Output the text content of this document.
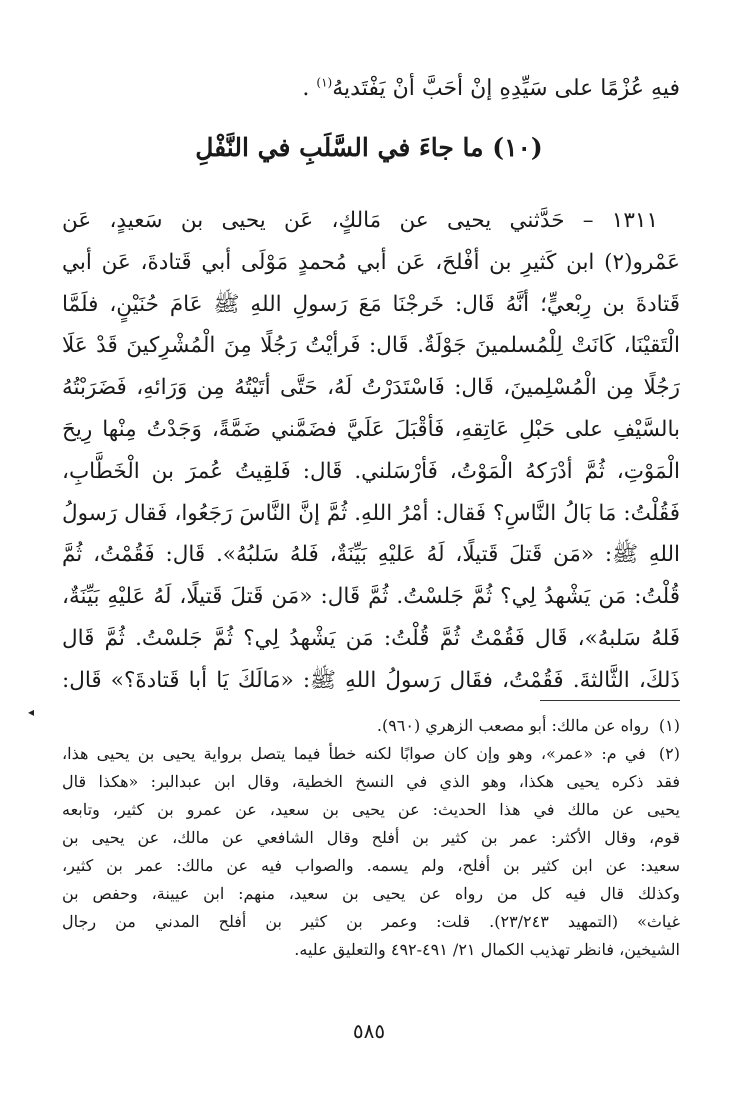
فيهِ عُزْمًا على سَيِّدِهِ إنْ أحَبَّ أنْ يَفْتَديهُ$^{(١)}$ .
(١٠) ما جاءَ في السَّلَبِ في النَّفْلِ
١٣١١ – حَدَّثني يحيى عن مَالكٍ، عَن يحيى بن سَعيدٍ، عَن
عَمْرو(٢) ابن كَثيرِ بن أفْلحَ، عَن أبي مُحمدٍ مَوْلَى أبي قَتادةَ، عَن أبي
قَتادةَ بن رِبْعيٍّ؛ أنَّهُ قَال: خَرجْنَا مَعَ رَسولِ اللهِ ﷺ عَامَ حُنَيْنٍ، فلَمَّا
الْتَقيْنَا، كَانَتْ لِلْمُسلمينَ جَوْلَةٌ. قَال: فَرأيْتُ رَجُلًا مِنَ الْمُشْرِكينَ قَدْ عَلَا
رَجُلًا مِن الْمُسْلِمينَ، قَال: فَاسْتَدَرْتُ لَهُ، حَتَّى أتَيْتُهُ مِن وَرَائهِ، فَضَرَبْتُهُ
بالسَّيْفِ على حَبْلِ عَاتِقهِ، فَأقْبَلَ عَلَيَّ فضَمَّني ضَمَّةً، وَجَدْتُ مِنْها رِيحَ
الْمَوْتِ، ثُمَّ أدْرَكهُ الْمَوْتُ، فَأرْسَلني. قَال: فَلقِيتُ عُمرَ بن الْخَطَّابِ،
فَقُلْتُ: مَا بَالُ النَّاسِ؟ فَقال: أمْرُ اللهِ. ثُمَّ إنَّ النَّاسَ رَجَعُوا، فَقال رَسولُ
اللهِ ﷺ: «مَن قَتلَ قَتيلًا، لَهُ عَليْهِ بَيِّنَةٌ، فَلهُ سَلبُهُ». قَال: فَقُمْتُ، ثُمَّ
قُلْتُ: مَن يَشْهدُ لِي؟ ثُمَّ جَلسْتُ. ثُمَّ قَال: «مَن قَتلَ قَتيلًا، لَهُ عَليْهِ بَيِّنَةٌ،
فَلهُ سَلبهُ»، قَال فَقُمْتُ ثُمَّ قُلْتُ: مَن يَشْهدُ لِي؟ ثُمَّ جَلسْتُ. ثُمَّ قَال
ذَلكَ، الثَّالثةَ. فَقُمْتُ، فقَال رَسولُ اللهِ ﷺ: «مَالَكَ يَا أبا قَتادةَ؟» قَال:
◂
(١) رواه عن مالك: أبو مصعب الزهري (٩٦٠).
(٢) في م: «عمر»، وهو وإن كان صوابًا لكنه خطأ فيما يتصل برواية يحيى بن يحيى هذا،
فقد ذكره يحيى هكذا، وهو الذي في النسخ الخطية، وقال ابن عبدالبر: «هكذا قال
يحيى عن مالك في هذا الحديث: عن يحيى بن سعيد، عن عمرو بن كثير، وتابعه
قوم، وقال الأكثر: عمر بن كثير بن أفلح وقال الشافعي عن مالك، عن يحيى بن
سعيد: عن ابن كثير بن أفلح، ولم يسمه. والصواب فيه عن مالك: عمر بن كثير،
وكذلك قال فيه كل من رواه عن يحيى بن سعيد، منهم: ابن عيينة، وحفص بن
غياث» (التمهيد ٢٣/٢٤٣). قلت: وعمر بن كثير بن أفلح المدني من رجال
الشيخين، فانظر تهذيب الكمال ٢١/ ٤٩١-٤٩٢ والتعليق عليه.
٥٨٥
